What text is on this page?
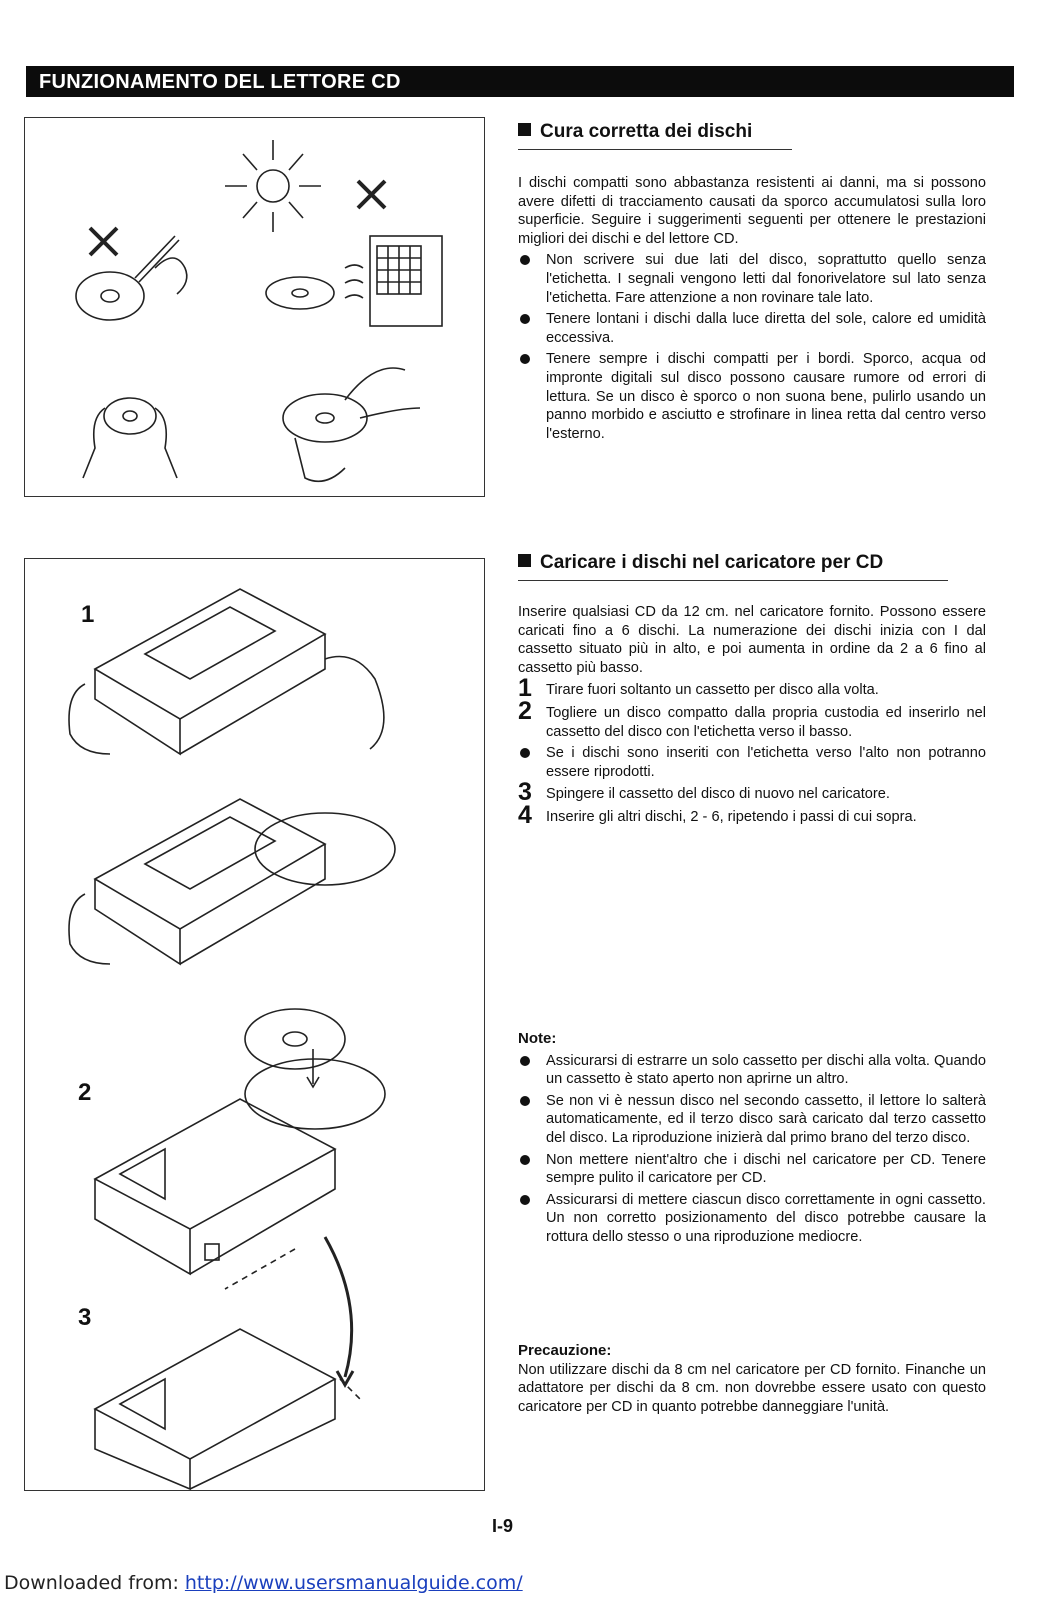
FUNZIONAMENTO DEL LETTORE CD
Cura corretta dei dischi

I dischi compatti sono abbastanza resistenti ai danni, ma si possono avere difetti di tracciamento causati da sporco accumulatosi sulla loro superficie. Seguire i suggerimenti seguenti per ottenere le prestazioni migliori dei dischi e del lettore CD.

Non scrivere sui due lati del disco, soprattutto quello senza l'etichetta. I segnali vengono letti dal fonorivelatore sul lato senza l'etichetta. Fare attenzione a non rovinare tale lato.

Tenere lontani i dischi dalla luce diretta del sole, calore ed umidità eccessiva.

Tenere sempre i dischi compatti per i bordi. Sporco, acqua od impronte digitali sul disco possono causare rumore od errori di lettura. Se un disco è sporco o non suona bene, pulirlo usando un panno morbido e asciutto e strofinare in linea retta dal centro verso l'esterno.

1
2
3
Caricare i dischi nel caricatore per CD

Inserire qualsiasi CD da 12 cm. nel caricatore fornito. Possono essere caricati fino a 6 dischi. La numerazione dei dischi inizia con I dal cassetto situato più in alto, e poi aumenta in ordine da 2 a 6 fino al cassetto più basso.

1 Tirare fuori soltanto un cassetto per disco alla volta.

2 Togliere un disco compatto dalla propria custodia ed inserirlo nel cassetto del disco con l'etichetta verso il basso.

Se i dischi sono inseriti con l'etichetta verso l'alto non potranno essere riprodotti.

3 Spingere il cassetto del disco di nuovo nel caricatore.

4 Inserire gli altri dischi, 2 - 6, ripetendo i passi di cui sopra.

Note:

Assicurarsi di estrarre un solo cassetto per dischi alla volta. Quando un cassetto è stato aperto non aprirne un altro.

Se non vi è nessun disco nel secondo cassetto, il lettore lo salterà automaticamente, ed il terzo disco sarà caricato dal terzo cassetto del disco. La riproduzione inizierà dal primo brano del terzo disco.

Non mettere nient'altro che i dischi nel caricatore per CD. Tenere sempre pulito il caricatore per CD.

Assicurarsi di mettere ciascun disco correttamente in ogni cassetto. Un non corretto posizionamento del disco potrebbe causare la rottura dello stesso o una riproduzione mediocre.

Precauzione:

Non utilizzare dischi da 8 cm nel caricatore per CD fornito. Finanche un adattatore per dischi da 8 cm. non dovrebbe essere usato con questo caricatore per CD in quanto potrebbe danneggiare l'unità.

I-9
Downloaded from: http://www.usersmanualguide.com/
